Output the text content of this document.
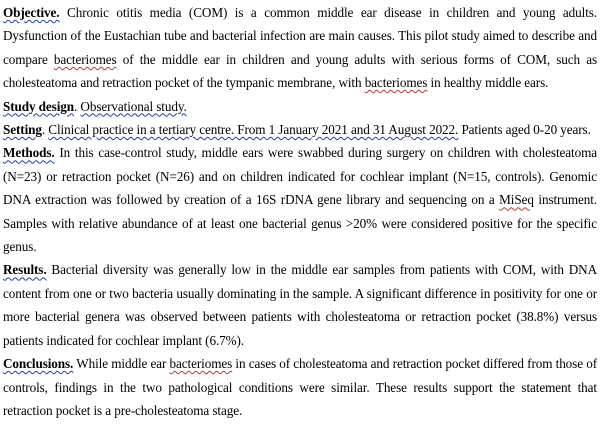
Objective. Chronic otitis media (COM) is a common middle ear disease in children and young adults. Dysfunction of the Eustachian tube and bacterial infection are main causes. This pilot study aimed to describe and compare bacteriomes of the middle ear in children and young adults with serious forms of COM, such as cholesteatoma and retraction pocket of the tympanic membrane, with bacteriomes in healthy middle ears.

Study design. Observational study.

Setting. Clinical practice in a tertiary centre. From 1 January 2021 and 31 August 2022. Patients aged 0-20 years.

Methods. In this case-control study, middle ears were swabbed during surgery on children with cholesteatoma (N=23) or retraction pocket (N=26) and on children indicated for cochlear implant (N=15, controls). Genomic DNA extraction was followed by creation of a 16S rDNA gene library and sequencing on a MiSeq instrument. Samples with relative abundance of at least one bacterial genus >20% were considered positive for the specific genus.

Results. Bacterial diversity was generally low in the middle ear samples from patients with COM, with DNA content from one or two bacteria usually dominating in the sample. A significant difference in positivity for one or more bacterial genera was observed between patients with cholesteatoma or retraction pocket (38.8%) versus patients indicated for cochlear implant (6.7%).

Conclusions. While middle ear bacteriomes in cases of cholesteatoma and retraction pocket differed from those of controls, findings in the two pathological conditions were similar. These results support the statement that retraction pocket is a pre-cholesteatoma stage.
